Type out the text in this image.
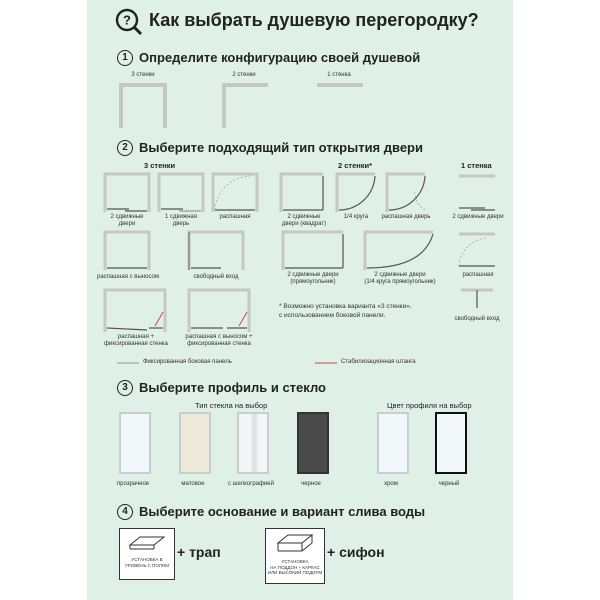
? Как выбрать душевую перегородку?
1 Определите конфигурацию своей душевой
3 стенки	2 стенки	1 стенка
2 Выберите подходящий тип открытия двери
3 стенки	2 стенки*	1 стенка
2 сдвижные
двери
1 сдвижная
дверь
распашная
распашная с выносом	свободный вход
распашная +
фиксированная стенка
распашная с выносом +
фиксированная стенка
2 сдвижные
двери (квадрат)
1/4 круга	распашная дверь
2 сдвижные двери
(прямоугольник)
2 сдвижные двери
(1/4 круга прямоугольник)
* Возможно установка варианта «3 стенки»,
с использованием боковой панели.
2 сдвижные двери
распашная
свободный вход
Фиксированная боковая панель	Стабилизационная штанга
3 Выберите профиль и стекло
Тип стекла на выбор	Цвет профиля на выбор
прозрачное	матовое	с шелкографией	черное	хром	черный
4 Выберите основание и вариант слива воды
УСТАНОВКА В
УРОВЕНЬ С ПОЛОМ
+ трап
УСТАНОВКА
НА ПОДДОН + КАРКАС
ИЛИ ВЫСОКИЙ ПОДИУМ
+ сифон
